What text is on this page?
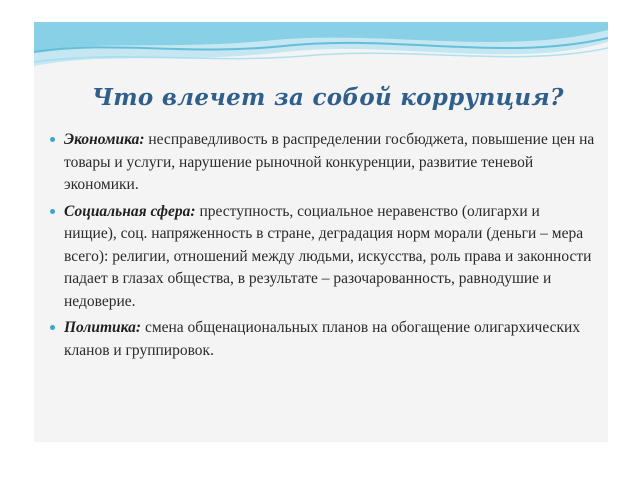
Что влечет за собой коррупция?
Экономика: несправедливость в распределении госбюджета, повышение цен на товары и услуги, нарушение рыночной конкуренции, развитие теневой экономики.
Социальная сфера: преступность, социальное неравенство (олигархи и нищие), соц. напряженность в стране, деградация норм морали (деньги – мера всего): религии, отношений между людьми, искусства, роль права и законности падает в глазах общества, в результате – разочарованность, равнодушие и недоверие.
Политика: смена общенациональных планов на обогащение олигархических кланов и группировок.
